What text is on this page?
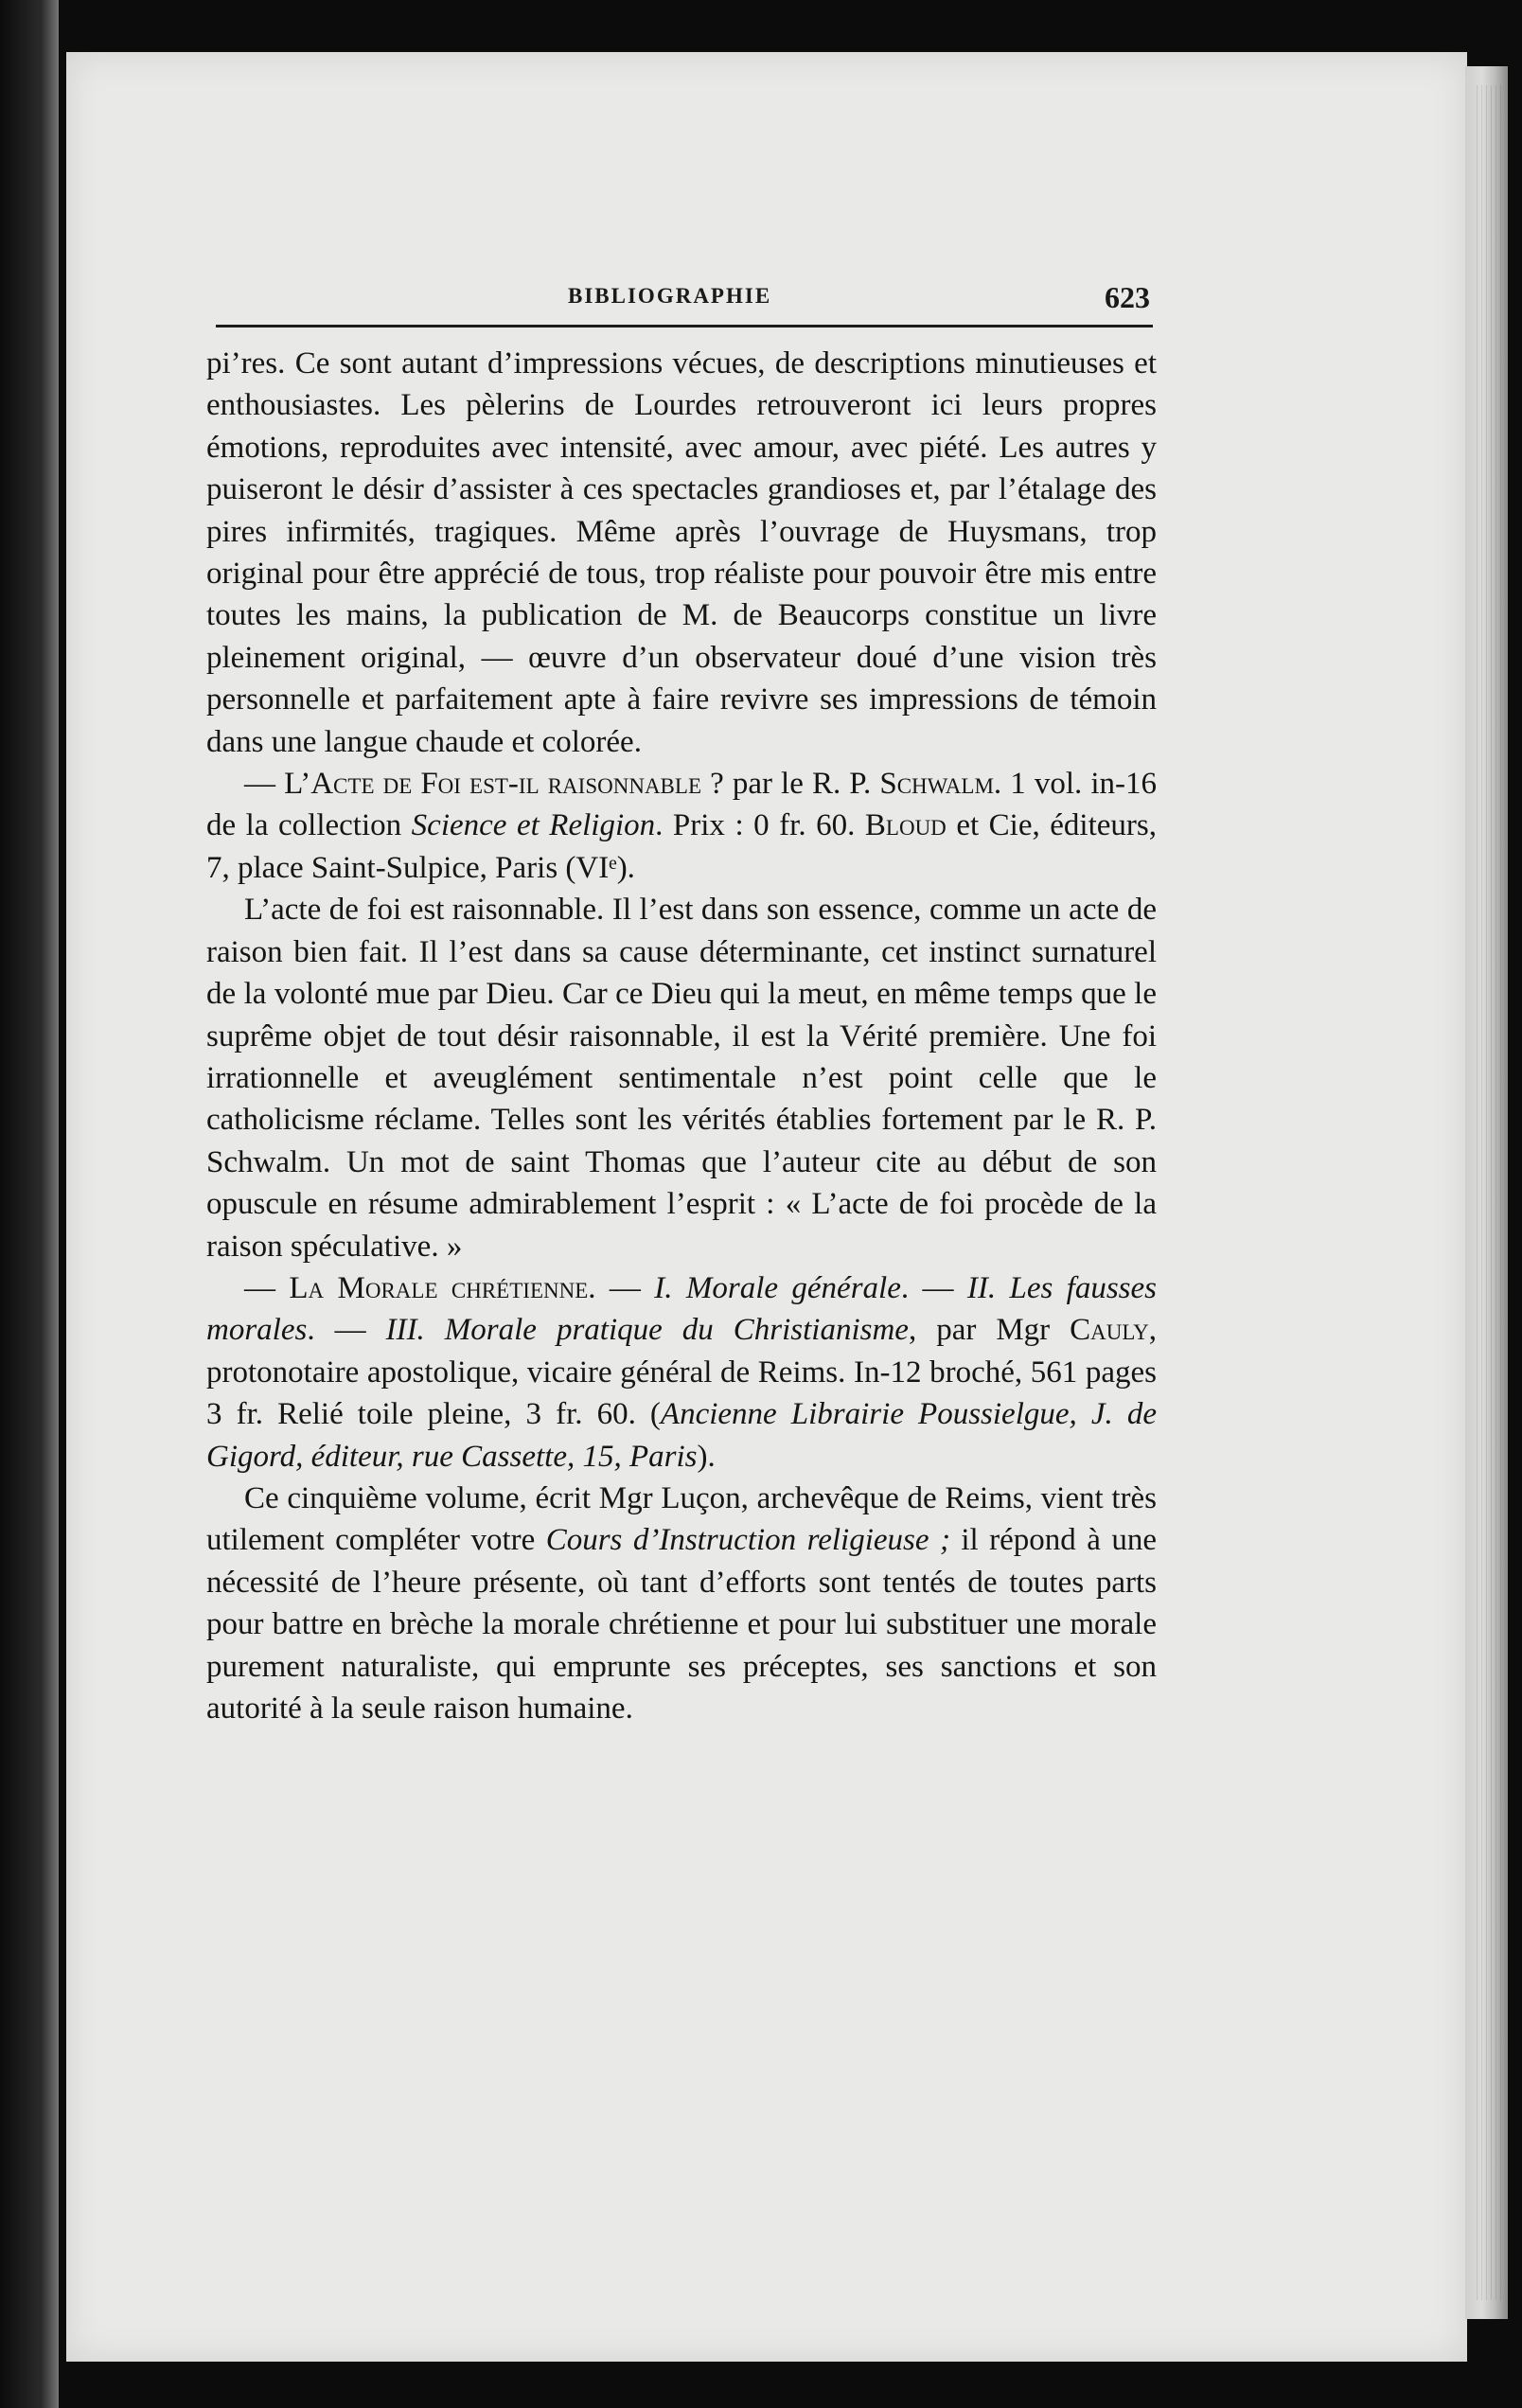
BIBLIOGRAPHIE	623

pi’res. Ce sont autant d’impressions vécues, de descriptions minutieuses et enthousiastes. Les pèlerins de Lourdes retrouveront ici leurs propres émotions, reproduites avec intensité, avec amour, avec piété. Les autres y puiseront le désir d’assister à ces spectacles grandioses et, par l’étalage des pires infirmités, tragiques. Même après l’ouvrage de Huysmans, trop original pour être apprécié de tous, trop réaliste pour pouvoir être mis entre toutes les mains, la publication de M. de Beaucorps constitue un livre pleinement original, — œuvre d’un observateur doué d’une vision très personnelle et parfaitement apte à faire revivre ses impressions de témoin dans une langue chaude et colorée.

— L’Acte de Foi est-il raisonnable ? par le R. P. Schwalm. 1 vol. in-16 de la collection Science et Religion. Prix : 0 fr. 60. Bloud et Cie, éditeurs, 7, place Saint-Sulpice, Paris (VIᵉ).

L’acte de foi est raisonnable. Il l’est dans son essence, comme un acte de raison bien fait. Il l’est dans sa cause déterminante, cet instinct surnaturel de la volonté mue par Dieu. Car ce Dieu qui la meut, en même temps que le suprême objet de tout désir raisonnable, il est la Vérité première. Une foi irrationnelle et aveuglément sentimentale n’est point celle que le catholicisme réclame. Telles sont les vérités établies fortement par le R. P. Schwalm. Un mot de saint Thomas que l’auteur cite au début de son opuscule en résume admirablement l’esprit : « L’acte de foi procède de la raison spéculative. »

— La Morale chrétienne. — I. Morale générale. — II. Les fausses morales. — III. Morale pratique du Christianisme, par Mgr Cauly, protonotaire apostolique, vicaire général de Reims. In-12 broché, 561 pages 3 fr. Relié toile pleine, 3 fr. 60. (Ancienne Librairie Poussielgue, J. de Gigord, éditeur, rue Cassette, 15, Paris).

Ce cinquième volume, écrit Mgr Luçon, archevêque de Reims, vient très utilement compléter votre Cours d’Instruction religieuse ; il répond à une nécessité de l’heure présente, où tant d’efforts sont tentés de toutes parts pour battre en brèche la morale chrétienne et pour lui substituer une morale purement naturaliste, qui emprunte ses préceptes, ses sanctions et son autorité à la seule raison humaine.
